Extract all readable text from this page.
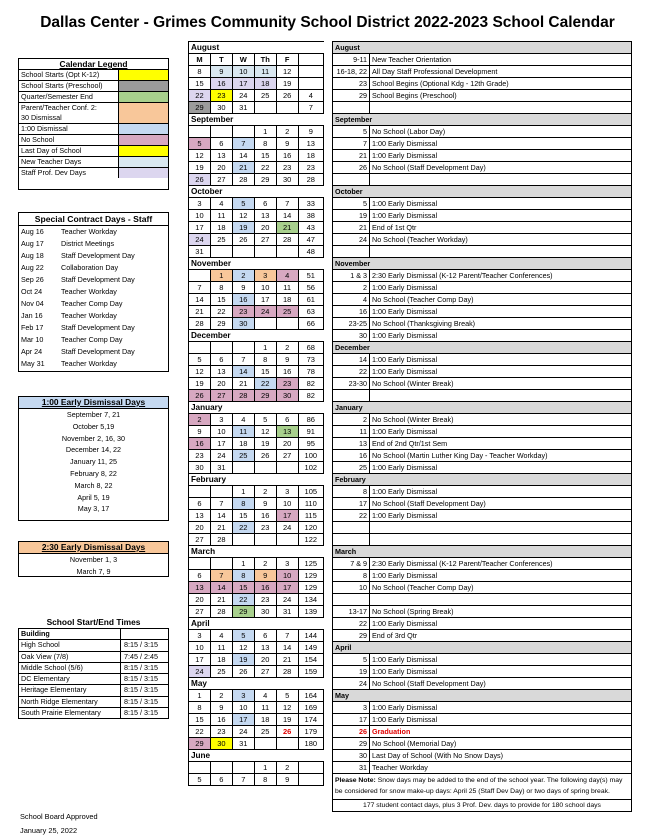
Dallas Center - Grimes Community School District 2022-2023 School Calendar
Calendar Legend
School Starts (Opt K-12)
School Starts (Preschool)
Quarter/Semester End
Parent/Teacher Conf. 2:
30 Dismissal
1:00 Dismissal
No School
Last Day of School
New Teacher Days
Staff Prof. Dev Days
Special Contract Days - Staff
Aug 16	Teacher Workday
Aug 17	District Meetings
Aug 18	Staff Development Day
Aug 22	Collaboration Day
Sep 26	Staff Development Day
Oct 24	Teacher Workday
Nov 04	Teacher Comp Day
Jan 16	Teacher Workday
Feb 17	Staff Development Day
Mar 10	Teacher Comp Day
Apr 24	Staff Development Day
May 31	Teacher Workday
1:00 Early Dismissal Days
September 7, 21
October 5,19
November 2, 16, 30
December 14, 22
January 11, 25
February 8, 22
March 8, 22
April 5, 19
May 3, 17
2:30 Early Dismissal Days
November 1, 3
March 7, 9
School Start/End Times
Building
High School	8:15 / 3:15
Oak View (7/8)	7:45 / 2:45
Middle School (5/6)	8:15 / 3:15
DC Elementary	8:15 / 3:15
Heritage Elementary	8:15 / 3:15
North Ridge Elementary	8:15 / 3:15
South Prairie Elementary	8:15 / 3:15
School Board Approved
January 25, 2022
August					
M	T	W	Th	F	
8	9	10	11	12	
15	16	17	18	19	
22	23	24	25	26	4
29	30	31			7
September					
			1	2	9
5	6	7	8	9	13
12	13	14	15	16	18
19	20	21	22	23	23
26	27	28	29	30	28
October					
3	4	5	6	7	33
10	11	12	13	14	38
17	18	19	20	21	43
24	25	26	27	28	47
31					48
November					
	1	2	3	4	51
7	8	9	10	11	56
14	15	16	17	18	61
21	22	23	24	25	63
28	29	30			66
December					
			1	2	68
5	6	7	8	9	73
12	13	14	15	16	78
19	20	21	22	23	82
26	27	28	29	30	82
January					
2	3	4	5	6	86
9	10	11	12	13	91
16	17	18	19	20	95
23	24	25	26	27	100
30	31				102
February					
		1	2	3	105
6	7	8	9	10	110
13	14	15	16	17	115
20	21	22	23	24	120
27	28				122
March					
		1	2	3	125
6	7	8	9	10	129
13	14	15	16	17	129
20	21	22	23	24	134
27	28	29	30	31	139
April					
3	4	5	6	7	144
10	11	12	13	14	149
17	18	19	20	21	154
24	25	26	27	28	159
May					
1	2	3	4	5	164
8	9	10	11	12	169
15	16	17	18	19	174
22	23	24	25	26	179
29	30	31			180
June					
			1	2	
5	6	7	8	9	
August	
9-11	New Teacher Orientation
16-18, 22	All Day Staff Professional Development
23	School Begins (Optional Kdg - 12th Grade)
29	School Begins (Preschool)

September	
5	No School (Labor Day)
7	1:00 Early Dismissal
21	1:00 Early Dismissal
26	No School (Staff Development Day)

October	
5	1:00 Early Dismissal
19	1:00 Early Dismissal
21	End of 1st Qtr
24	No School (Teacher Workday)

November	
1 & 3	2:30 Early Dismissal (K-12 Parent/Teacher Conferences)
2	1:00 Early Dismissal
4	No School (Teacher Comp Day)
16	1:00 Early Dismissal
23-25	No School (Thanksgiving Break)
30	1:00 Early Dismissal
December	
14	1:00 Early Dismissal
22	1:00 Early Dismissal
23-30	No School (Winter Break)

January	
2	No School (Winter Break)
11	1:00 Early Dismissal
13	End of 2nd Qtr/1st Sem
16	No School (Martin Luther King Day - Teacher Workday)
25	1:00 Early Dismissal
February	
8	1:00 Early Dismissal
17	No School (Staff Development Day)
22	1:00 Early Dismissal

March	
7 & 9	2:30 Early Dismissal (K-12 Parent/Teacher Conferences)
8	1:00 Early Dismissal
10	No School (Teacher Comp Day)

13-17	No School (Spring Break)
22	1:00 Early Dismissal
29	End of 3rd Qtr
April	
5	1:00 Early Dismissal
19	1:00 Early Dismissal
24	No School (Staff Development Day)
May	
3	1:00 Early Dismissal
17	1:00 Early Dismissal
26	Graduation
29	No School (Memorial Day)
30	Last Day of School (With No Snow Days)
31	Teacher Workday
Please Note: Snow days may be added to the end of the school year. The following day(s) may be considered for snow make-up days: April 25 (Staff Dev Day) or two days of spring break.	
177 student contact days, plus 3 Prof. Dev. days to provide for 180 school days	
